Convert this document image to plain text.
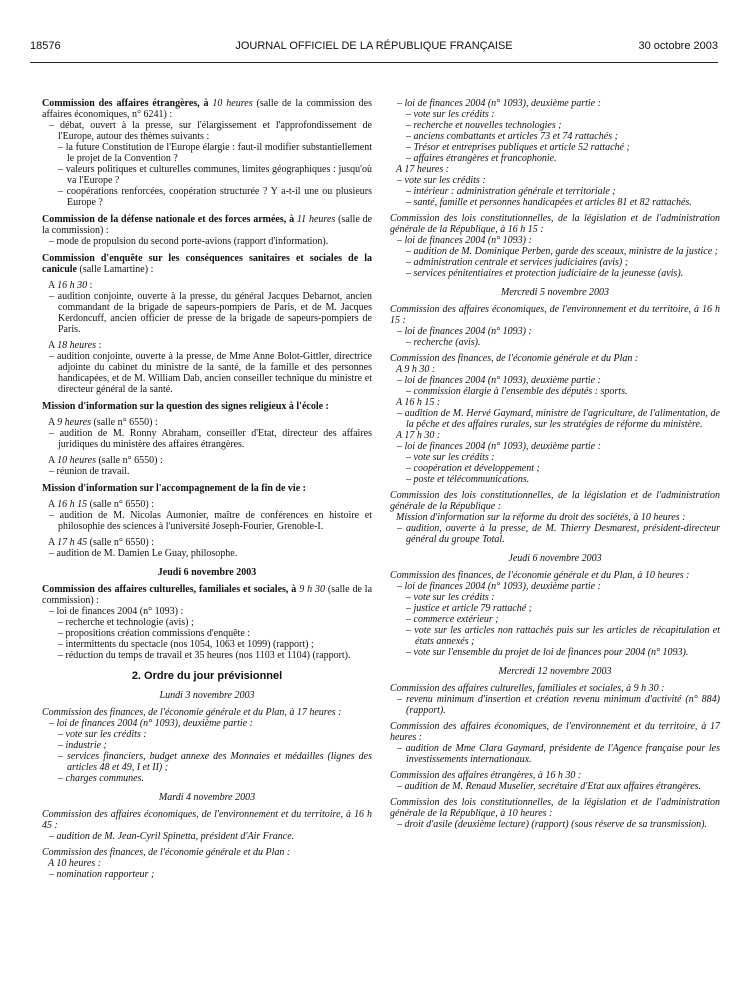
18576	JOURNAL OFFICIEL DE LA RÉPUBLIQUE FRANÇAISE	30 octobre 2003

Commission des affaires étrangères, à 10 heures (salle de la commission des affaires économiques, n° 6241) :

– débat, ouvert à la presse, sur l'élargissement et l'approfondissement de l'Europe, autour des thèmes suivants :

– la future Constitution de l'Europe élargie : faut-il modifier substantiellement le projet de la Convention ?

– valeurs politiques et culturelles communes, limites géographiques : jusqu'où va l'Europe ?

– coopérations renforcées, coopération structurée ? Y a-t-il une ou plusieurs Europe ?

Commission de la défense nationale et des forces armées, à 11 heures (salle de la commission) :

– mode de propulsion du second porte-avions (rapport d'information).

Commission d'enquête sur les conséquences sanitaires et sociales de la canicule (salle Lamartine) :

A 16 h 30 :

– audition conjointe, ouverte à la presse, du général Jacques Debarnot, ancien commandant de la brigade de sapeurs-pompiers de Paris, et de M. Jacques Kerdoncuff, ancien officier de presse de la brigade de sapeurs-pompiers de Paris.

A 18 heures :

– audition conjointe, ouverte à la presse, de Mme Anne Bolot-Gittler, directrice adjointe du cabinet du ministre de la santé, de la famille et des personnes handicapées, et de M. William Dab, ancien conseiller technique du ministre et directeur général de la santé.

Mission d'information sur la question des signes religieux à l'école :

A 9 heures (salle n° 6550) :

– audition de M. Ronny Abraham, conseiller d'Etat, directeur des affaires juridiques du ministère des affaires étrangères.

A 10 heures (salle n° 6550) :

– réunion de travail.

Mission d'information sur l'accompagnement de la fin de vie :

A 16 h 15 (salle n° 6550) :

– audition de M. Nicolas Aumonier, maître de conférences en histoire et philosophie des sciences à l'université Joseph-Fourier, Grenoble-I.

A 17 h 45 (salle n° 6550) :

– audition de M. Damien Le Guay, philosophe.

Jeudi 6 novembre 2003

Commission des affaires culturelles, familiales et sociales, à 9 h 30 (salle de la commission) :

– loi de finances 2004 (n° 1093) :

– recherche et technologie (avis) ;

– propositions création commissions d'enquête :

– intermittents du spectacle (nos 1054, 1063 et 1099) (rapport) ;

– réduction du temps de travail et 35 heures (nos 1103 et 1104) (rapport).

2. Ordre du jour prévisionnel

Lundi 3 novembre 2003

Commission des finances, de l'économie générale et du Plan, à 17 heures :

– loi de finances 2004 (n° 1093), deuxième partie :

– vote sur les crédits :

– industrie ;

– services financiers, budget annexe des Monnaies et médailles (lignes des articles 48 et 49, I et II) ;

– charges communes.

Mardi 4 novembre 2003

Commission des affaires économiques, de l'environnement et du territoire, à 16 h 45 :

– audition de M. Jean-Cyril Spinetta, président d'Air France.

Commission des finances, de l'économie générale et du Plan :

A 10 heures :

– nomination rapporteur ;

– loi de finances 2004 (n° 1093), deuxième partie :

– vote sur les crédits :

– recherche et nouvelles technologies ;

– anciens combattants et articles 73 et 74 rattachés ;

– Trésor et entreprises publiques et article 52 rattaché ;

– affaires étrangères et francophonie.

A 17 heures :

– vote sur les crédits :

– intérieur : administration générale et territoriale ;

– santé, famille et personnes handicapées et articles 81 et 82 rattachés.

Commission des lois constitutionnelles, de la législation et de l'administration générale de la République, à 16 h 15 :

– loi de finances 2004 (n° 1093) :

– audition de M. Dominique Perben, garde des sceaux, ministre de la justice ;

– administration centrale et services judiciaires (avis) ;

– services pénitentiaires et protection judiciaire de la jeunesse (avis).

Mercredi 5 novembre 2003

Commission des affaires économiques, de l'environnement et du territoire, à 16 h 15 :

– loi de finances 2004 (n° 1093) :

– recherche (avis).

Commission des finances, de l'économie générale et du Plan :

A 9 h 30 :

– loi de finances 2004 (n° 1093), deuxième partie :

– commission élargie à l'ensemble des députés : sports.

A 16 h 15 :

– audition de M. Hervé Gaymard, ministre de l'agriculture, de l'alimentation, de la pêche et des affaires rurales, sur les stratégies de réforme du ministère.

A 17 h 30 :

– loi de finances 2004 (n° 1093), deuxième partie :

– vote sur les crédits :

– coopération et développement ;

– poste et télécommunications.

Commission des lois constitutionnelles, de la législation et de l'administration générale de la République :

Mission d'information sur la réforme du droit des sociétés, à 10 heures :

– audition, ouverte à la presse, de M. Thierry Desmarest, président-directeur général du groupe Total.

Jeudi 6 novembre 2003

Commission des finances, de l'économie générale et du Plan, à 10 heures :

– loi de finances 2004 (n° 1093), deuxième partie :

– vote sur les crédits :

– justice et article 79 rattaché ;

– commerce extérieur ;

– vote sur les articles non rattachés puis sur les articles de récapitulation et états annexés ;

– vote sur l'ensemble du projet de loi de finances pour 2004 (n° 1093).

Mercredi 12 novembre 2003

Commission des affaires culturelles, familiales et sociales, à 9 h 30 :

– revenu minimum d'insertion et création revenu minimum d'activité (n° 884) (rapport).

Commission des affaires économiques, de l'environnement et du territoire, à 17 heures :

– audition de Mme Clara Gaymard, présidente de l'Agence française pour les investissements internationaux.

Commission des affaires étrangères, à 16 h 30 :

– audition de M. Renaud Muselier, secrétaire d'Etat aux affaires étrangères.

Commission des lois constitutionnelles, de la législation et de l'administration générale de la République, à 10 heures :

– droit d'asile (deuxième lecture) (rapport) (sous réserve de sa transmission).
